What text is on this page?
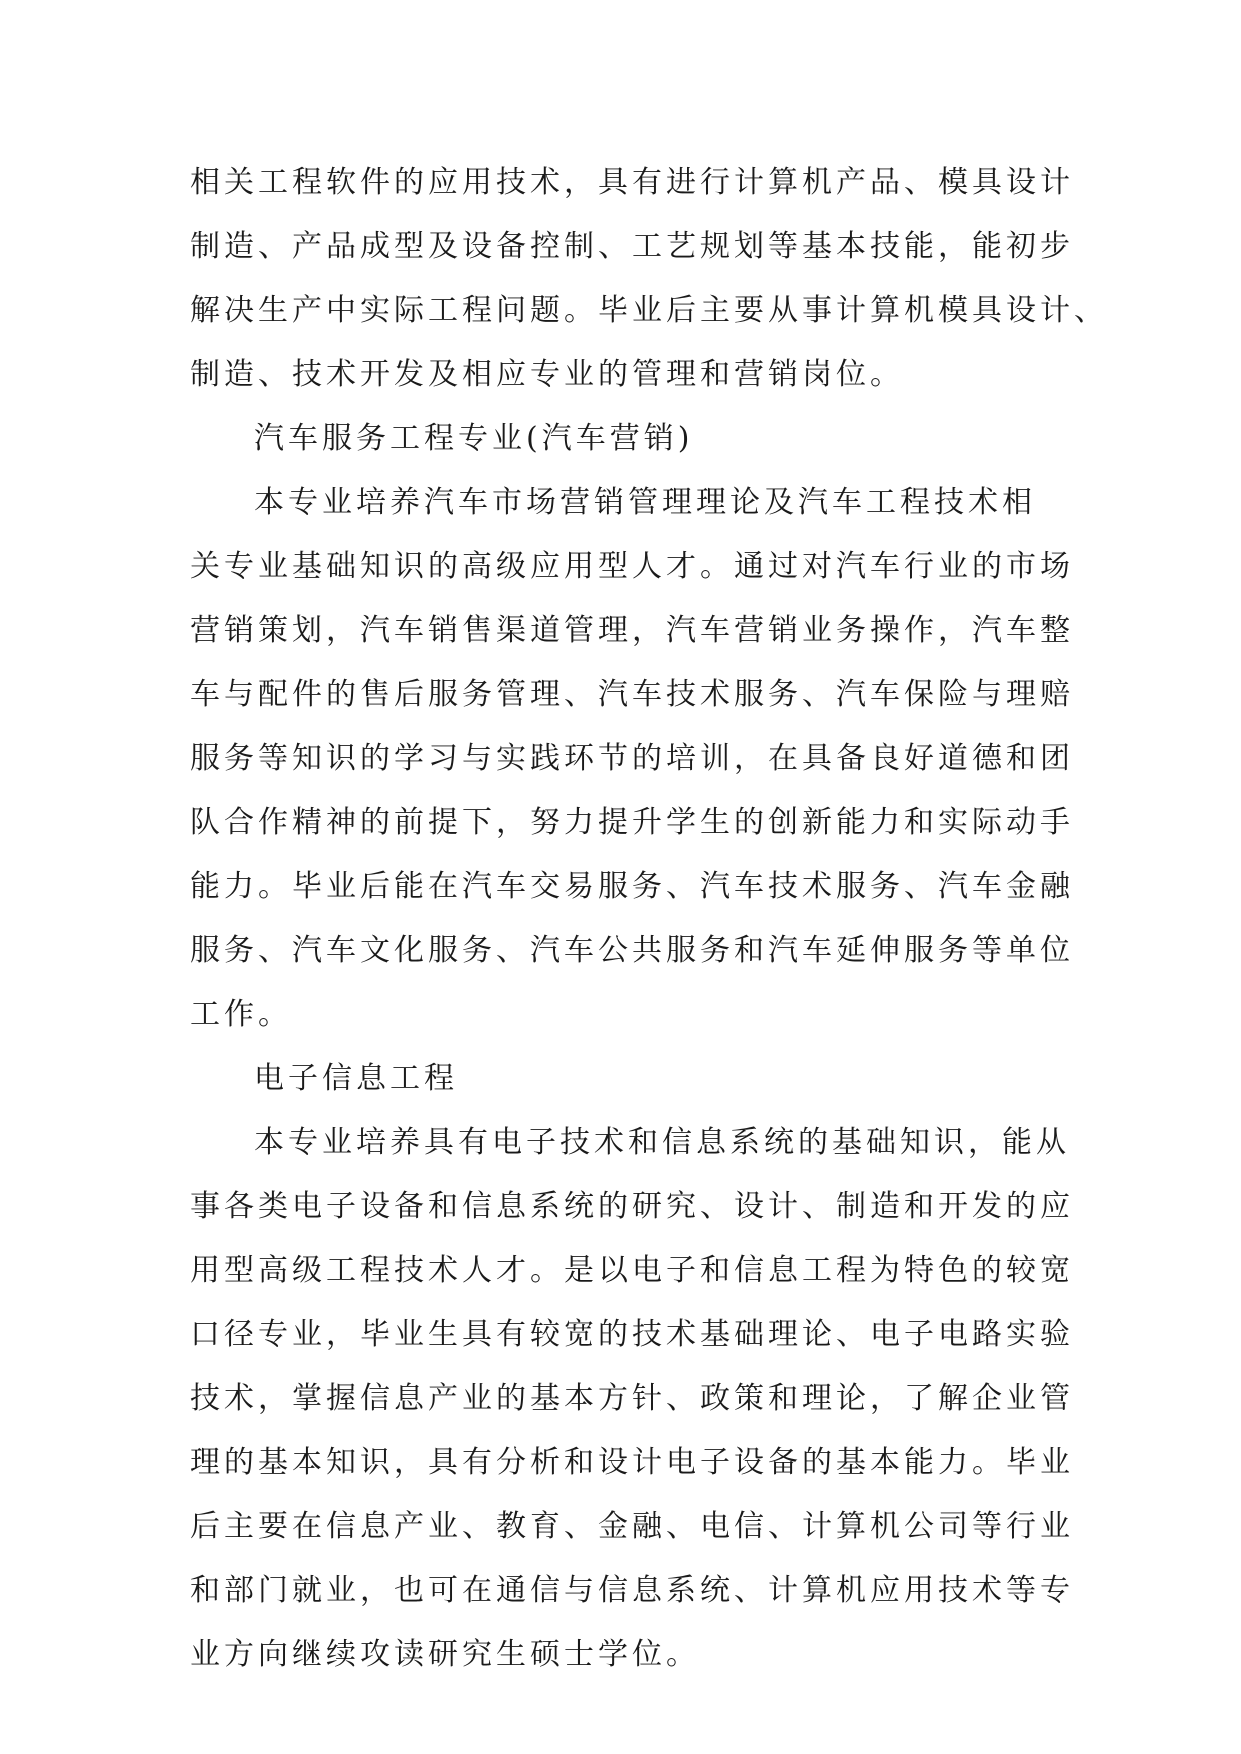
相关工程软件的应用技术，具有进行计算机产品、模具设计
制造、产品成型及设备控制、工艺规划等基本技能，能初步
解决生产中实际工程问题。毕业后主要从事计算机模具设计、
制造、技术开发及相应专业的管理和营销岗位。
汽车服务工程专业(汽车营销)
本专业培养汽车市场营销管理理论及汽车工程技术相
关专业基础知识的高级应用型人才。通过对汽车行业的市场
营销策划，汽车销售渠道管理，汽车营销业务操作，汽车整
车与配件的售后服务管理、汽车技术服务、汽车保险与理赔
服务等知识的学习与实践环节的培训，在具备良好道德和团
队合作精神的前提下，努力提升学生的创新能力和实际动手
能力。毕业后能在汽车交易服务、汽车技术服务、汽车金融
服务、汽车文化服务、汽车公共服务和汽车延伸服务等单位
工作。
电子信息工程
本专业培养具有电子技术和信息系统的基础知识，能从
事各类电子设备和信息系统的研究、设计、制造和开发的应
用型高级工程技术人才。是以电子和信息工程为特色的较宽
口径专业，毕业生具有较宽的技术基础理论、电子电路实验
技术，掌握信息产业的基本方针、政策和理论，了解企业管
理的基本知识，具有分析和设计电子设备的基本能力。毕业
后主要在信息产业、教育、金融、电信、计算机公司等行业
和部门就业，也可在通信与信息系统、计算机应用技术等专
业方向继续攻读研究生硕士学位。
